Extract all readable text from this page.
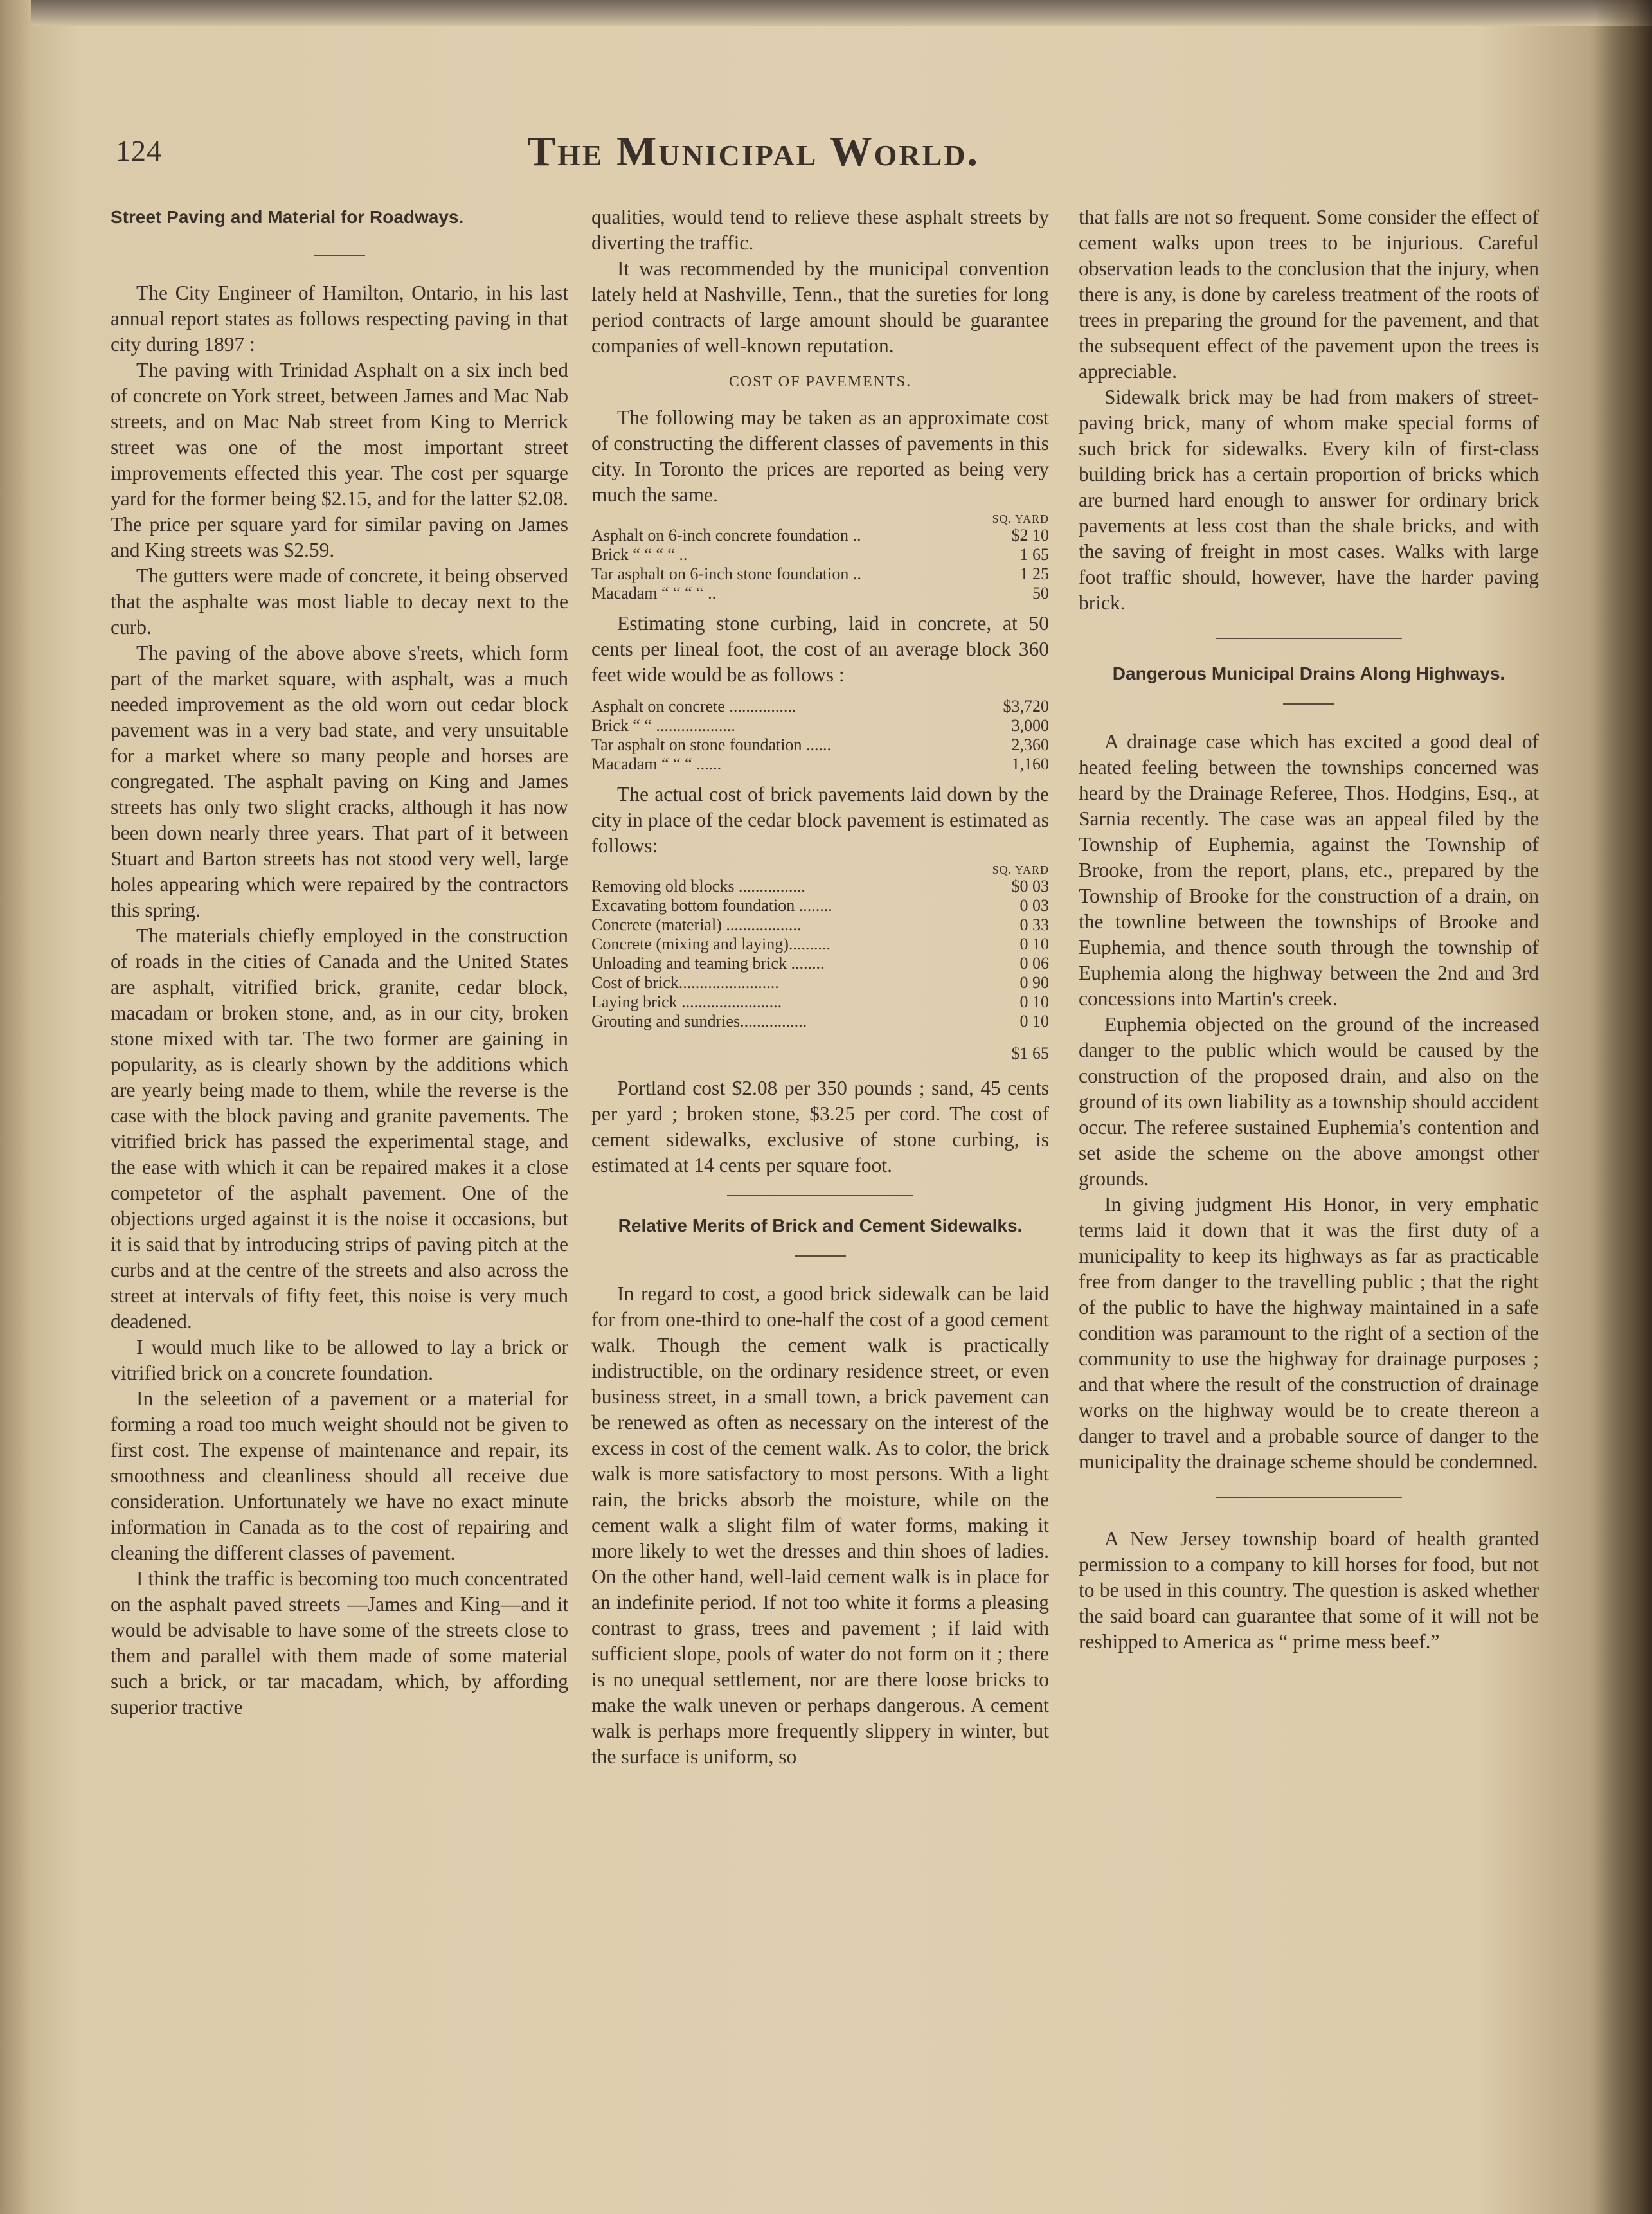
124	The Municipal World.
Street Paving and Material for Roadways.

The City Engineer of Hamilton, Ontario, in his last annual report states as follows respecting paving in that city during 1897 :

The paving with Trinidad Asphalt on a six inch bed of concrete on York street, between James and Mac Nab streets, and on Mac Nab street from King to Merrick street was one of the most important street improvements effected this year. The cost per squarge yard for the former being $2.15, and for the latter $2.08. The price per square yard for similar paving on James and King streets was $2.59.

The gutters were made of concrete, it being observed that the asphalte was most liable to decay next to the curb.

The paving of the above above s'reets, which form part of the market square, with asphalt, was a much needed improvement as the old worn out cedar block pavement was in a very bad state, and very unsuitable for a market where so many people and horses are congregated. The asphalt paving on King and James streets has only two slight cracks, although it has now been down nearly three years. That part of it between Stuart and Barton streets has not stood very well, large holes appearing which were repaired by the contractors this spring.

The materials chiefly employed in the construction of roads in the cities of Canada and the United States are asphalt, vitrified brick, granite, cedar block, macadam or broken stone, and, as in our city, broken stone mixed with tar. The two former are gaining in popularity, as is clearly shown by the additions which are yearly being made to them, while the reverse is the case with the block paving and granite pavements. The vitrified brick has passed the experimental stage, and the ease with which it can be repaired makes it a close competetor of the asphalt pavement. One of the objections urged against it is the noise it occasions, but it is said that by introducing strips of paving pitch at the curbs and at the centre of the streets and also across the street at intervals of fifty feet, this noise is very much deadened.

I would much like to be allowed to lay a brick or vitrified brick on a concrete foundation.

In the seleetion of a pavement or a material for forming a road too much weight should not be given to first cost. The expense of maintenance and repair, its smoothness and cleanliness should all receive due consideration. Unfortunately we have no exact minute information in Canada as to the cost of repairing and cleaning the different classes of pavement.

I think the traffic is becoming too much concentrated on the asphalt paved streets —James and King—and it would be advisable to have some of the streets close to them and parallel with them made of some material such a brick, or tar macadam, which, by affording superior tractive

qualities, would tend to relieve these asphalt streets by diverting the traffic.

It was recommended by the municipal convention lately held at Nashville, Tenn., that the sureties for long period contracts of large amount should be guarantee companies of well-known reputation.

COST OF PAVEMENTS.

The following may be taken as an approximate cost of constructing the different classes of pavements in this city. In Toronto the prices are reported as being very much the same.

	SQ. YARD
Asphalt on 6-inch concrete foundation ..	$2 10
Brick “ “ “ “ ..	1 65
Tar asphalt on 6-inch stone foundation ..	1 25
Macadam “ “ “ “ ..	50

Estimating stone curbing, laid in concrete, at 50 cents per lineal foot, the cost of an average block 360 feet wide would be as follows :

Asphalt on concrete ................	$3,720
Brick “ “ ...................	3,000
Tar asphalt on stone foundation ......	2,360
Macadam “ “ “ ......	1,160

The actual cost of brick pavements laid down by the city in place of the cedar block pavement is estimated as follows:

	SQ. YARD
Removing old blocks ................	$0 03
Excavating bottom foundation ........	0 03
Concrete (material) ..................	0 33
Concrete (mixing and laying)..........	0 10
Unloading and teaming brick ........	0 06
Cost of brick........................	0 90
Laying brick ........................	0 10
Grouting and sundries................	0 10
$1 65

Portland cost $2.08 per 350 pounds ; sand, 45 cents per yard ; broken stone, $3.25 per cord. The cost of cement sidewalks, exclusive of stone curbing, is estimated at 14 cents per square foot.

Relative Merits of Brick and Cement Sidewalks.

In regard to cost, a good brick sidewalk can be laid for from one-third to one-half the cost of a good cement walk. Though the cement walk is practically indistructible, on the ordinary residence street, or even business street, in a small town, a brick pavement can be renewed as often as necessary on the interest of the excess in cost of the cement walk. As to color, the brick walk is more satisfactory to most persons. With a light rain, the bricks absorb the moisture, while on the cement walk a slight film of water forms, making it more likely to wet the dresses and thin shoes of ladies. On the other hand, well-laid cement walk is in place for an indefinite period. If not too white it forms a pleasing contrast to grass, trees and pavement ; if laid with sufficient slope, pools of water do not form on it ; there is no unequal settlement, nor are there loose bricks to make the walk uneven or perhaps dangerous. A cement walk is perhaps more frequently slippery in winter, but the surface is uniform, so

that falls are not so frequent. Some consider the effect of cement walks upon trees to be injurious. Careful observation leads to the conclusion that the injury, when there is any, is done by careless treatment of the roots of trees in preparing the ground for the pavement, and that the subsequent effect of the pavement upon the trees is appreciable.

Sidewalk brick may be had from makers of street-paving brick, many of whom make special forms of such brick for sidewalks. Every kiln of first-class building brick has a certain proportion of bricks which are burned hard enough to answer for ordinary brick pavements at less cost than the shale bricks, and with the saving of freight in most cases. Walks with large foot traffic should, however, have the harder paving brick.

Dangerous Municipal Drains Along Highways.

A drainage case which has excited a good deal of heated feeling between the townships concerned was heard by the Drainage Referee, Thos. Hodgins, Esq., at Sarnia recently. The case was an appeal filed by the Township of Euphemia, against the Township of Brooke, from the report, plans, etc., prepared by the Township of Brooke for the construction of a drain, on the townline between the townships of Brooke and Euphemia, and thence south through the township of Euphemia along the highway between the 2nd and 3rd concessions into Martin's creek.

Euphemia objected on the ground of the increased danger to the public which would be caused by the construction of the proposed drain, and also on the ground of its own liability as a township should accident occur. The referee sustained Euphemia's contention and set aside the scheme on the above amongst other grounds.

In giving judgment His Honor, in very emphatic terms laid it down that it was the first duty of a municipality to keep its highways as far as practicable free from danger to the travelling public ; that the right of the public to have the highway maintained in a safe condition was paramount to the right of a section of the community to use the highway for drainage purposes ; and that where the result of the construction of drainage works on the highway would be to create thereon a danger to travel and a probable source of danger to the municipality the drainage scheme should be condemned.

A New Jersey township board of health granted permission to a company to kill horses for food, but not to be used in this country. The question is asked whether the said board can guarantee that some of it will not be reshipped to America as “ prime mess beef.”
